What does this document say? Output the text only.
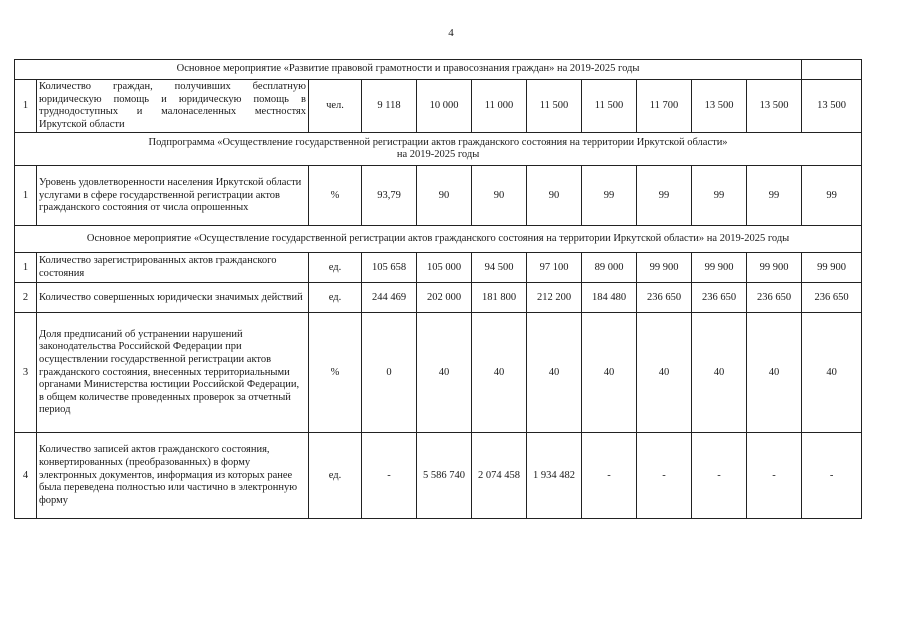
4
Основное мероприятие «Развитие правовой грамотности и правосознания граждан» на 2019-2025 годы											
1	Количество граждан, получивших бесплатную юридическую помощь и юридическую помощь в труднодоступных и малонаселенных местностях Иркутской области	чел.	9 118	10 000	11 000	11 500	11 500	11 700	13 500	13 500	13 500

Подпрограмма «Осуществление государственной регистрации актов гражданского состояния на территории Иркутской области»
на 2019-2025 годы											

1	Уровень удовлетворенности населения Иркутской области услугами в сфере государственной регистрации актов гражданского состояния от числа опрошенных	%	93,79	90	90	90	99	99	99	99	99
Основное мероприятие «Осуществление государственной регистрации актов гражданского состояния на территории Иркутской области» на 2019-2025 годы											
1	Количество зарегистрированных актов гражданского состояния	ед.	105 658	105 000	94 500	97 100	89 000	99 900	99 900	99 900	99 900
2	Количество совершенных юридически значимых действий	ед.	244 469	202 000	181 800	212 200	184 480	236 650	236 650	236 650	236 650
3	Доля предписаний об устранении нарушений законодательства Российской Федерации при осуществлении государственной регистрации актов гражданского состояния, внесенных территориальными органами Министерства юстиции Российской Федерации, в общем количестве проведенных проверок за отчетный период	%	0	40	40	40	40	40	40	40	40
4	Количество записей актов гражданского состояния, конвертированных (преобразованных) в форму электронных документов, информация из которых ранее была переведена полностью или частично в электронную форму	ед.	-	5 586 740	2 074 458	1 934 482	-	-	-	-	-
